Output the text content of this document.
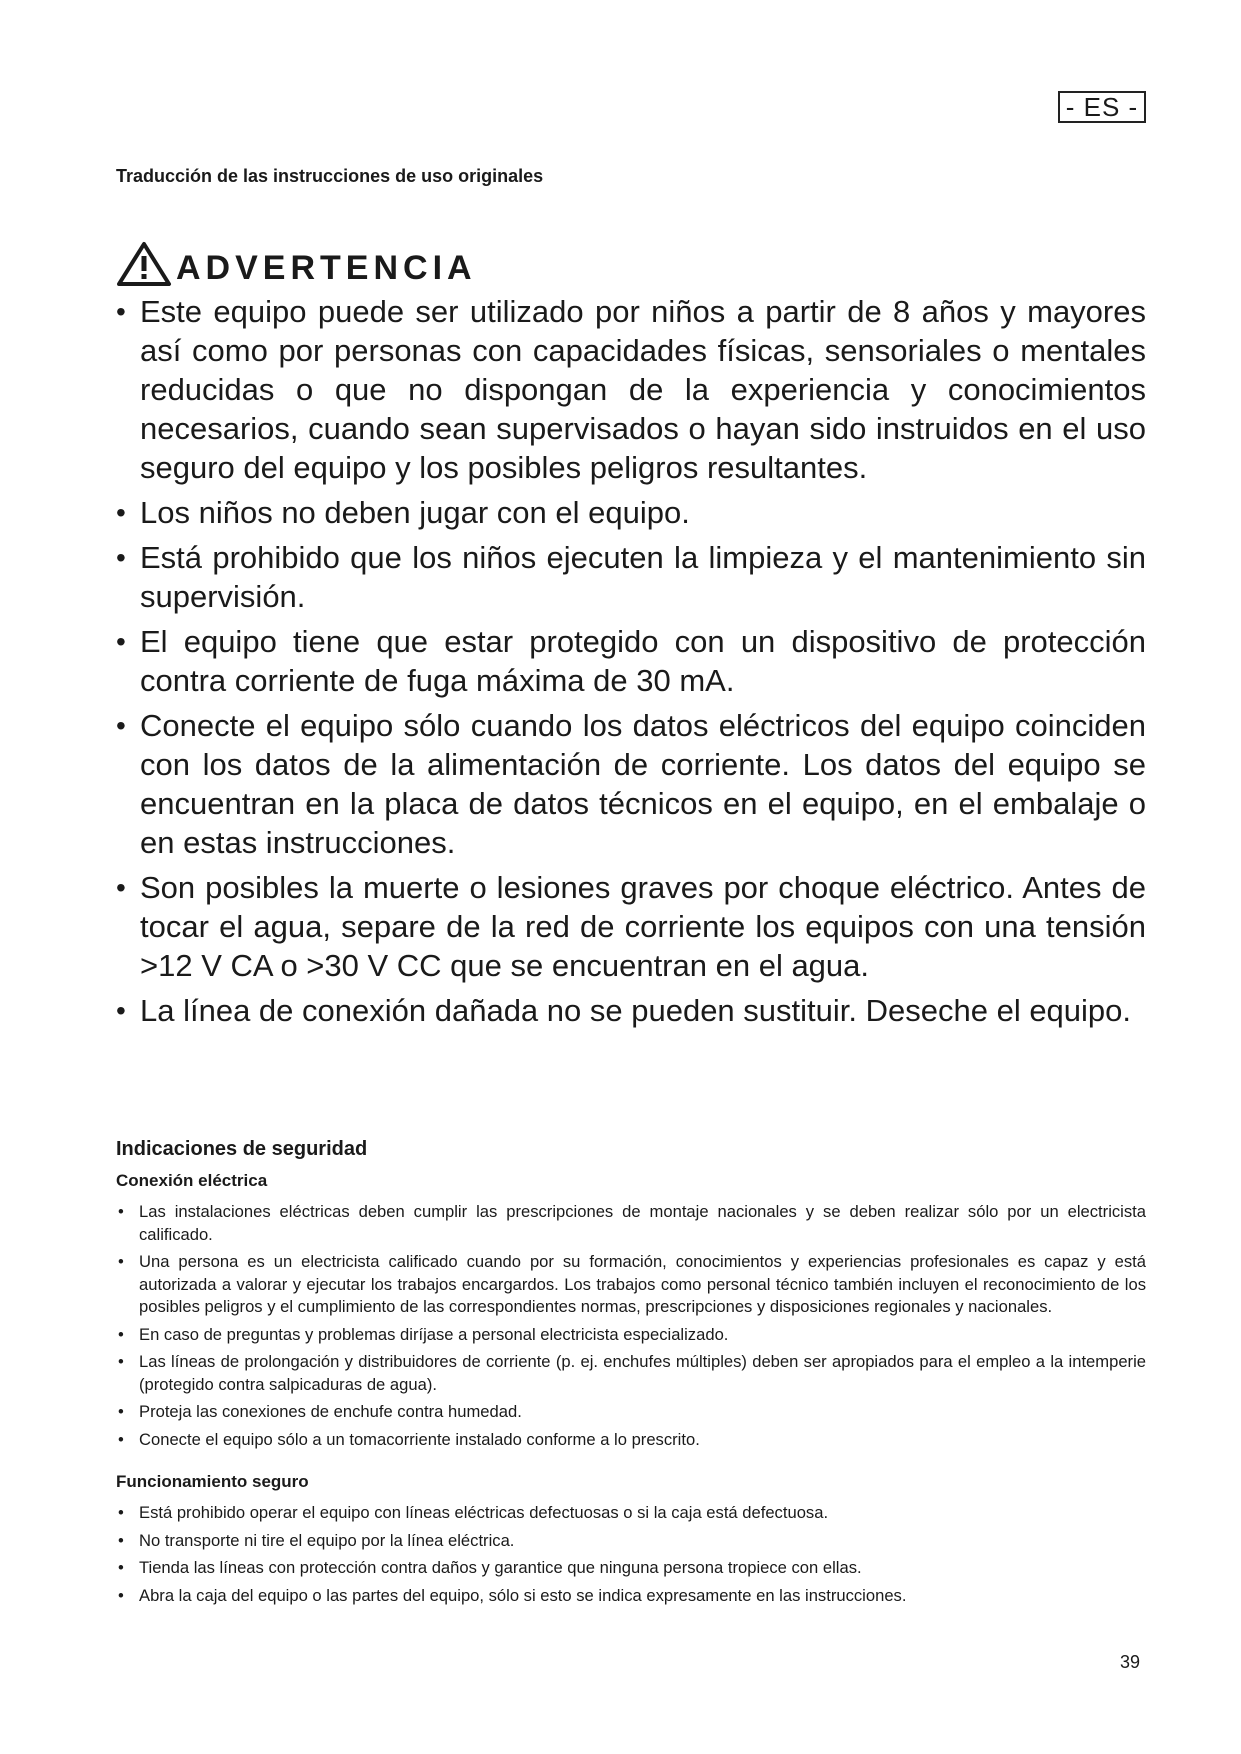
- ES -
Traducción de las instrucciones de uso originales
ADVERTENCIA
• Este equipo puede ser utilizado por niños a partir de 8 años y mayores así como por personas con capacidades físicas, sensoriales o mentales reducidas o que no dispongan de la experiencia y conocimientos necesarios, cuando sean supervisados o hayan sido instruidos en el uso seguro del equipo y los posibles peligros resultantes.
• Los niños no deben jugar con el equipo.
• Está prohibido que los niños ejecuten la limpieza y el mantenimiento sin supervisión.
• El equipo tiene que estar protegido con un dispositivo de protección contra corriente de fuga máxima de 30 mA.
• Conecte el equipo sólo cuando los datos eléctricos del equipo coinciden con los datos de la alimentación de corriente. Los datos del equipo se encuentran en la placa de datos técnicos en el equipo, en el embalaje o en estas instrucciones.
• Son posibles la muerte o lesiones graves por choque eléctrico. Antes de tocar el agua, separe de la red de corriente los equipos con una tensión >12 V CA o >30 V CC que se encuentran en el agua.
• La línea de conexión dañada no se pueden sustituir. Deseche el equipo.
Indicaciones de seguridad
Conexión eléctrica
• Las instalaciones eléctricas deben cumplir las prescripciones de montaje nacionales y se deben realizar sólo por un electricista calificado.
• Una persona es un electricista calificado cuando por su formación, conocimientos y experiencias profesionales es capaz y está autorizada a valorar y ejecutar los trabajos encargardos. Los trabajos como personal técnico también incluyen el reconocimiento de los posibles peligros y el cumplimiento de las correspondientes normas, prescripciones y disposiciones regionales y nacionales.
• En caso de preguntas y problemas diríjase a personal electricista especializado.
• Las líneas de prolongación y distribuidores de corriente (p. ej. enchufes múltiples) deben ser apropiados para el empleo a la intemperie (protegido contra salpicaduras de agua).
• Proteja las conexiones de enchufe contra humedad.
• Conecte el equipo sólo a un tomacorriente instalado conforme a lo prescrito.
Funcionamiento seguro
• Está prohibido operar el equipo con líneas eléctricas defectuosas o si la caja está defectuosa.
• No transporte ni tire el equipo por la línea eléctrica.
• Tienda las líneas con protección contra daños y garantice que ninguna persona tropiece con ellas.
• Abra la caja del equipo o las partes del equipo, sólo si esto se indica expresamente en las instrucciones.
39
